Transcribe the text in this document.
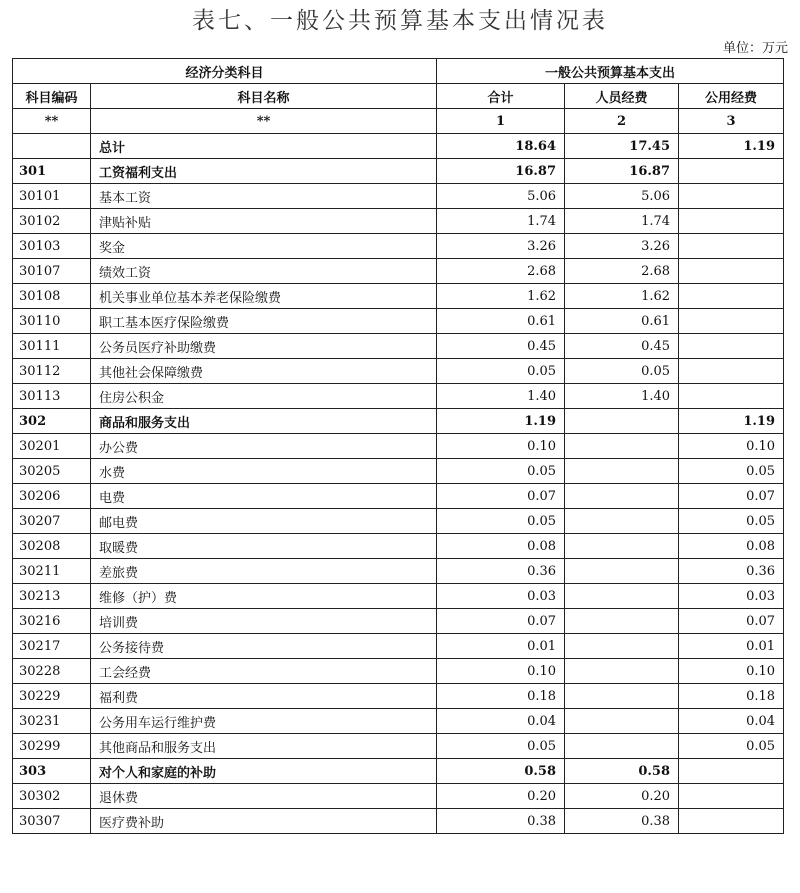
表七、一般公共预算基本支出情况表
单位：万元
经济分类科目		一般公共预算基本支出		
科目编码	科目名称	合计	人员经费	公用经费
**	**	1	2	3
	总计	18.64	17.45	1.19
301	工资福利支出	16.87	16.87	
30101	基本工资	5.06	5.06	
30102	津贴补贴	1.74	1.74	
30103	奖金	3.26	3.26	
30107	绩效工资	2.68	2.68	
30108	机关事业单位基本养老保险缴费	1.62	1.62	
30110	职工基本医疗保险缴费	0.61	0.61	
30111	公务员医疗补助缴费	0.45	0.45	
30112	其他社会保障缴费	0.05	0.05	
30113	住房公积金	1.40	1.40	
302	商品和服务支出	1.19		1.19
30201	办公费	0.10		0.10
30205	水费	0.05		0.05
30206	电费	0.07		0.07
30207	邮电费	0.05		0.05
30208	取暖费	0.08		0.08
30211	差旅费	0.36		0.36
30213	维修（护）费	0.03		0.03
30216	培训费	0.07		0.07
30217	公务接待费	0.01		0.01
30228	工会经费	0.10		0.10
30229	福利费	0.18		0.18
30231	公务用车运行维护费	0.04		0.04
30299	其他商品和服务支出	0.05		0.05
303	对个人和家庭的补助	0.58	0.58	
30302	退休费	0.20	0.20	
30307	医疗费补助	0.38	0.38	
